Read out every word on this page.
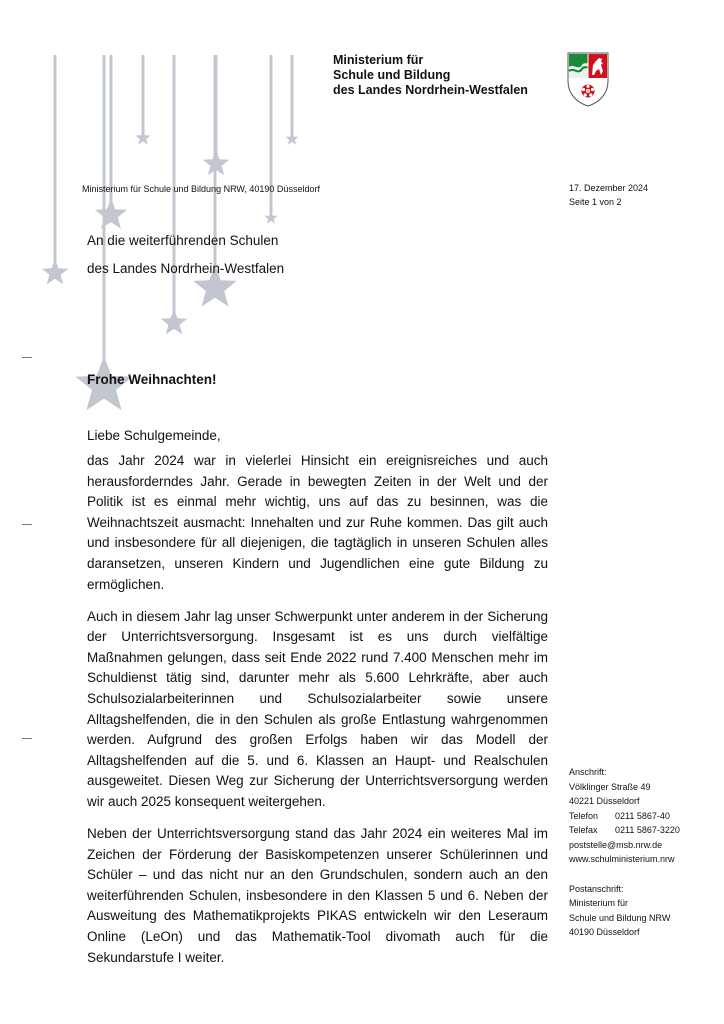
Ministerium für
Schule und Bildung
des Landes Nordrhein-Westfalen
Ministerium für Schule und Bildung NRW, 40190 Düsseldorf	17. Dezember 2024
Seite 1 von 2
An die weiterführenden Schulen
des Landes Nordrhein-Westfalen
Frohe Weihnachten!
Liebe Schulgemeinde,

das Jahr 2024 war in vielerlei Hinsicht ein ereignisreiches und auch herausforderndes Jahr. Gerade in bewegten Zeiten in der Welt und der Politik ist es einmal mehr wichtig, uns auf das zu besinnen, was die Weihnachtszeit ausmacht: Innehalten und zur Ruhe kommen. Das gilt auch und insbesondere für all diejenigen, die tagtäglich in unseren Schulen alles daransetzen, unseren Kindern und Jugendlichen eine gute Bildung zu ermöglichen.

Auch in diesem Jahr lag unser Schwerpunkt unter anderem in der Sicherung der Unterrichtsversorgung. Insgesamt ist es uns durch vielfältige Maßnahmen gelungen, dass seit Ende 2022 rund 7.400 Menschen mehr im Schuldienst tätig sind, darunter mehr als 5.600 Lehrkräfte, aber auch Schulsozialarbeiterinnen und Schulsozialarbeiter sowie unsere Alltagshelfenden, die in den Schulen als große Entlastung wahrgenommen werden. Aufgrund des großen Erfolgs haben wir das Modell der Alltagshelfenden auf die 5. und 6. Klassen an Haupt- und Realschulen ausgeweitet. Diesen Weg zur Sicherung der Unterrichtsversorgung werden wir auch 2025 konsequent weitergehen.

Neben der Unterrichtsversorgung stand das Jahr 2024 ein weiteres Mal im Zeichen der Förderung der Basiskompetenzen unserer Schülerinnen und Schüler – und das nicht nur an den Grundschulen, sondern auch an den weiterführenden Schulen, insbesondere in den Klassen 5 und 6. Neben der Ausweitung des Mathematikprojekts PIKAS entwickeln wir den Leseraum Online (LeOn) und das Mathematik-Tool divomath auch für die Sekundarstufe I weiter.

Anschrift:
Völklinger Straße 49
40221 Düsseldorf
Telefon 0211 5867-40
Telefax 0211 5867-3220
poststelle@msb.nrw.de
www.schulministerium.nrw
Postanschrift:
Ministerium für
Schule und Bildung NRW
40190 Düsseldorf
